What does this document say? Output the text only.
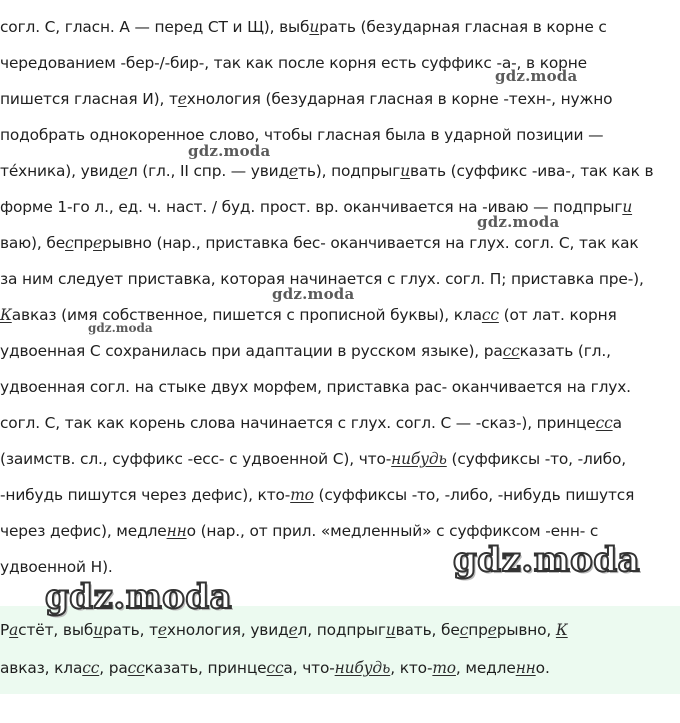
согл. С, гласн. А — перед СТ и Щ), выбирать (безударная гласная в корне с
чередованием -бер-/-бир-, так как после корня есть суффикс -а-, в корне
пишется гласная И), технология (безударная гласная в корне -техн-, нужно
подобрать однокоренное слово, чтобы гласная была в ударной позиции —
те́хника), увидел (гл., II спр. — увидеть), подпрыгивать (суффикс -ива-, так как в
форме 1-го л., ед. ч. наст. / буд. прост. вр. оканчивается на -иваю — подпрыги
ваю), беспрерывно (нар., приставка бес- оканчивается на глух. согл. С, так как
за ним следует приставка, которая начинается с глух. согл. П; приставка пре-),
Кавказ (имя собственное, пишется с прописной буквы), класс (от лат. корня
удвоенная С сохранилась при адаптации в русском языке), рассказать (гл.,
удвоенная согл. на стыке двух морфем, приставка рас- оканчивается на глух.
согл. С, так как корень слова начинается с глух. согл. С — -сказ-), принцесса
(заимств. сл., суффикс -есс- с удвоенной С), что-нибудь (суффиксы -то, -либо,
-нибудь пишутся через дефис), кто-то (суффиксы -то, -либо, -нибудь пишутся
через дефис), медленно (нар., от прил. «медленный» с суффиксом -енн- с
удвоенной Н).
Растёт, выбирать, технология, увидел, подпрыгивать, беспрерывно, К
авказ, класс, рассказать, принцесса, что-нибудь, кто-то, медленно.
gdz.moda
gdz.moda
gdz.moda
gdz.moda
gdz.moda
gdz.moda
gdz.moda
